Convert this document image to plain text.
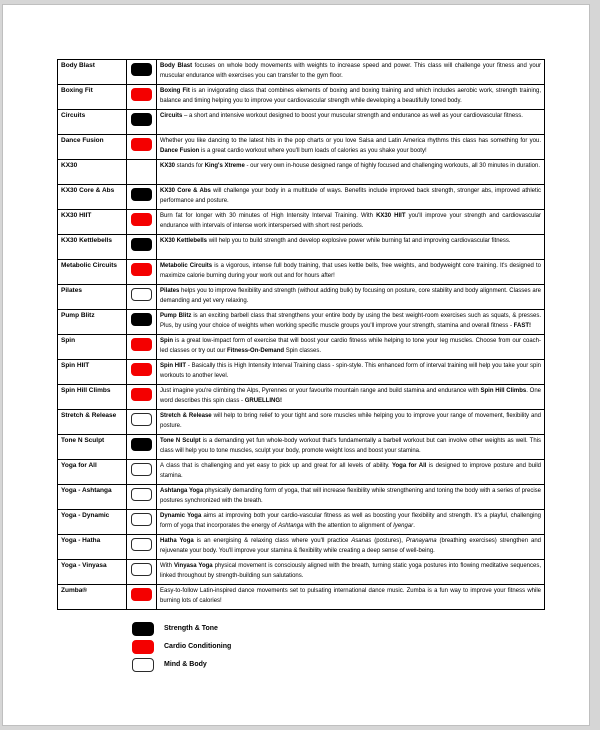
Body Blast		Body Blast focuses on whole body movements with weights to increase speed and power. This class will challenge your fitness and your muscular endurance with exercises you can transfer to the gym floor.
Boxing Fit		Boxing Fit is an invigorating class that combines elements of boxing and boxing training and which includes aerobic work, strength training, balance and timing helping you to improve your cardiovascular strength while developing a beautifully toned body.
Circuits		Circuits – a short and intensive workout designed to boost your muscular strength and endurance as well as your cardiovascular fitness.
Dance Fusion		Whether you like dancing to the latest hits in the pop charts or you love Salsa and Latin America rhythms this class has something for you. Dance Fusion is a great cardio workout where you'll burn loads of calories as you shake your booty!
KX30		KX30 stands for King's Xtreme - our very own in-house designed range of highly focused and challenging workouts, all 30 minutes in duration.
KX30 Core & Abs		KX30 Core & Abs will challenge your body in a multitude of ways. Benefits include improved back strength, stronger abs, improved athletic performance and posture.
KX30 HIIT		Burn fat for longer with 30 minutes of High Intensity Interval Training. With KX30 HIIT you'll improve your strength and cardiovascular endurance with intervals of intense work interspersed with short rest periods.
KX30 Kettlebells		KX30 Kettlebells will help you to build strength and develop explosive power while burning fat and improving cardiovascular fitness.
Metabolic Circuits		Metabolic Circuits is a vigorous, intense full body training, that uses kettle bells, free weights, and bodyweight core training. It's designed to maximize calorie burning during your work out and for hours after!
Pilates		Pilates helps you to improve flexibility and strength (without adding bulk) by focusing on posture, core stability and body alignment. Classes are demanding and yet very relaxing.
Pump Blitz		Pump Blitz is an exciting barbell class that strengthens your entire body by using the best weight-room exercises such as squats, & presses. Plus, by using your choice of weights when working specific muscle groups you'll improve your strength, stamina and overall fitness - FAST!
Spin		Spin is a great low-impact form of exercise that will boost your cardio fitness while helping to tone your leg muscles. Choose from our coach-led classes or try out our Fitness-On-Demand Spin classes.
Spin HIIT		Spin HIIT - Basically this is High Intensity Interval Training class - spin-style. This enhanced form of interval training will help you take your spin workouts to another level.
Spin Hill Climbs		Just imagine you're climbing the Alps, Pyrennes or your favourite mountain range and build stamina and endurance with Spin Hill Climbs. One word describes this spin class - GRUELLING!
Stretch & Release		Stretch & Release will help to bring relief to your tight and sore muscles while helping you to improve your range of movement, flexibility and posture.
Tone N Sculpt		Tone N Sculpt is a demanding yet fun whole-body workout that's fundamentally a barbell workout but can involve other weights as well. This class will help you to tone muscles, sculpt your body, promote weight loss and boost your stamina.
Yoga for All		A class that is challenging and yet easy to pick up and great for all levels of ability. Yoga for All is designed to improve posture and build stamina.
Yoga - Ashtanga		Ashtanga Yoga physically demanding form of yoga, that will increase flexibility while strengthening and toning the body with a series of precise postures synchronized with the breath.
Yoga - Dynamic		Dynamic Yoga aims at improving both your cardio-vascular fitness as well as boosting your flexibility and strength. It's a playful, challenging form of yoga that incorporates the energy of Ashtanga with the attention to alignment of Iyengar.
Yoga - Hatha		Hatha Yoga is an energising & relaxing class where you'll practice Asanas (postures), Pranayama (breathing exercises) strengthen and rejuvenate your body. You'll improve your stamina & flexibility while creating a deep sense of well-being.
Yoga - Vinyasa		With Vinyasa Yoga physical movement is consciously aligned with the breath, turning static yoga postures into flowing meditative sequences, linked throughout by strength-building sun salutations.
Zumba®		Easy-to-follow Latin-inspired dance movements set to pulsating international dance music. Zumba is a fun way to improve your fitness while burning lots of calories!
Strength & Tone
Cardio Conditioning
Mind & Body
